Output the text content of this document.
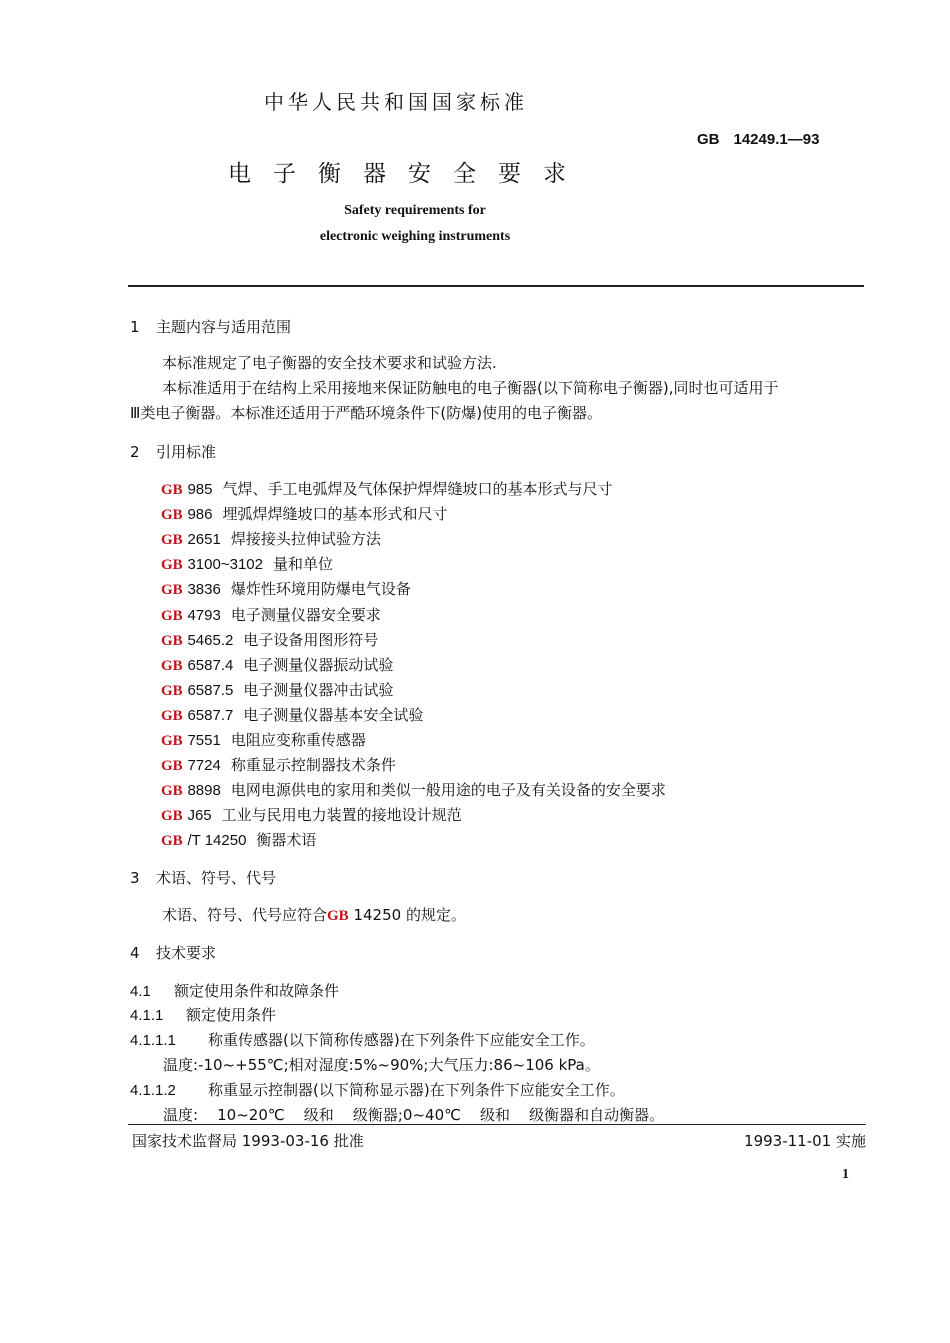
中华人民共和国国家标准
GB 14249.1—93
电子衡器安全要求
Safety requirements for
electronic weighing instruments
1 主题内容与适用范围
本标准规定了电子衡器的安全技术要求和试验方法.
本标准适用于在结构上采用接地来保证防触电的电子衡器(以下简称电子衡器),同时也可适用于
Ⅲ类电子衡器。本标准还适用于严酷环境条件下(防爆)使用的电子衡器。
2 引用标准
GB 985 气焊、手工电弧焊及气体保护焊焊缝坡口的基本形式与尺寸
GB 986 埋弧焊焊缝坡口的基本形式和尺寸
GB 2651 焊接接头拉伸试验方法
GB 3100~3102 量和单位
GB 3836 爆炸性环境用防爆电气设备
GB 4793 电子测量仪器安全要求
GB 5465.2 电子设备用图形符号
GB 6587.4 电子测量仪器振动试验
GB 6587.5 电子测量仪器冲击试验
GB 6587.7 电子测量仪器基本安全试验
GB 7551 电阻应变称重传感器
GB 7724 称重显示控制器技术条件
GB 8898 电网电源供电的家用和类似一般用途的电子及有关设备的安全要求
GB J65 工业与民用电力装置的接地设计规范
GB /T 14250 衡器术语
3 术语、符号、代号
术语、符号、代号应符合GB 14250 的规定。
4 技术要求
4.1 额定使用条件和故障条件
4.1.1 额定使用条件
4.1.1.1 称重传感器(以下简称传感器)在下列条件下应能安全工作。
温度:-10~+55℃;相对湿度:5%~90%;大气压力:86~106 kPa。
4.1.1.2 称重显示控制器(以下简称显示器)在下列条件下应能安全工作。
温度:    10~20℃    级和    级衡器;0~40℃    级和    级衡器和自动衡器。
国家技术监督局 1993-03-16 批准	1993-11-01 实施
1
